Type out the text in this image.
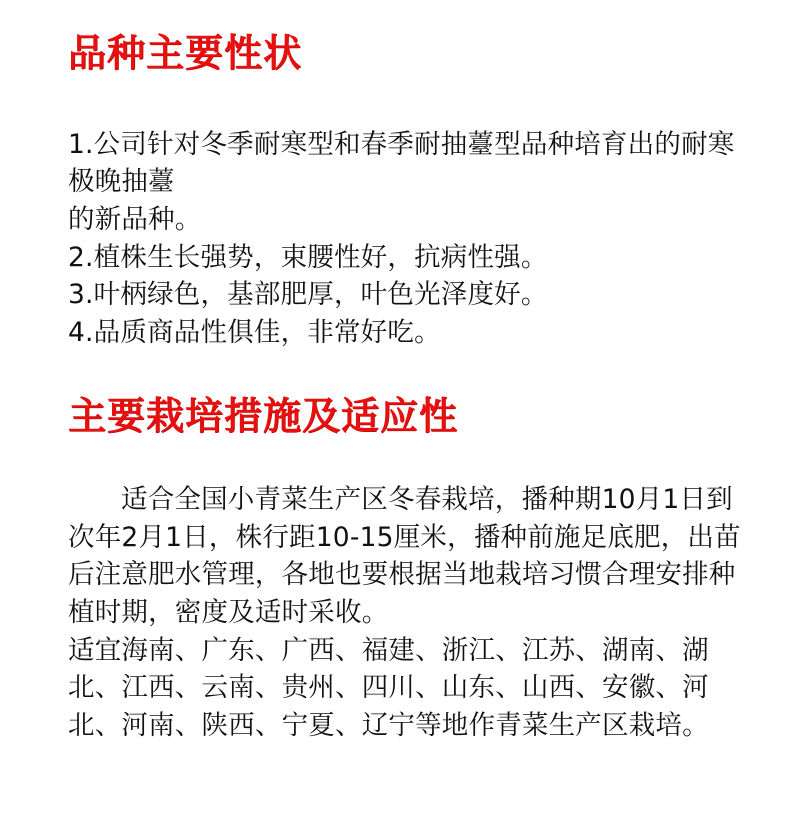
品种主要性状
1.公司针对冬季耐寒型和春季耐抽薹型品种培育出的耐寒极晚抽薹
的新品种。
2.植株生长强势，束腰性好，抗病性强。
3.叶柄绿色，基部肥厚，叶色光泽度好。
4.品质商品性俱佳，非常好吃。
主要栽培措施及适应性

适合全国小青菜生产区冬春栽培，播种期10月1日到次年2月1日，株行距10-15厘米，播种前施足底肥，出苗后注意肥水管理，各地也要根据当地栽培习惯合理安排种植时期，密度及适时采收。

适宜海南、广东、广西、福建、浙江、江苏、湖南、湖北、江西、云南、贵州、四川、山东、山西、安徽、河北、河南、陕西、宁夏、辽宁等地作青菜生产区栽培。
